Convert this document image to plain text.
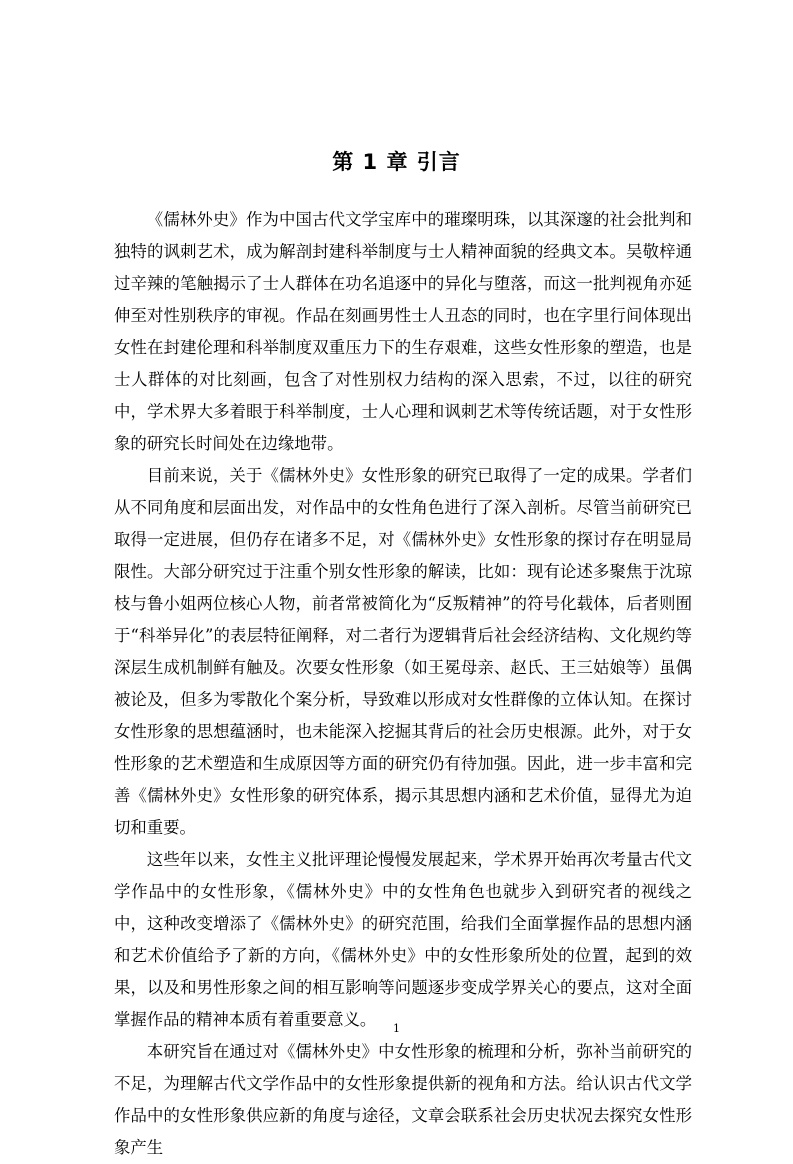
第 1 章 引言

《儒林外史》作为中国古代文学宝库中的璀璨明珠，以其深邃的社会批判和独特的讽刺艺术，成为解剖封建科举制度与士人精神面貌的经典文本。吴敬梓通过辛辣的笔触揭示了士人群体在功名追逐中的异化与堕落，而这一批判视角亦延伸至对性别秩序的审视。作品在刻画男性士人丑态的同时，也在字里行间体现出女性在封建伦理和科举制度双重压力下的生存艰难，这些女性形象的塑造，也是士人群体的对比刻画，包含了对性别权力结构的深入思索，不过，以往的研究中，学术界大多着眼于科举制度，士人心理和讽刺艺术等传统话题，对于女性形象的研究长时间处在边缘地带。

目前来说，关于《儒林外史》女性形象的研究已取得了一定的成果。学者们从不同角度和层面出发，对作品中的女性角色进行了深入剖析。尽管当前研究已取得一定进展，但仍存在诸多不足，对《儒林外史》女性形象的探讨存在明显局限性。大部分研究过于注重个别女性形象的解读，比如：现有论述多聚焦于沈琼枝与鲁小姐两位核心人物，前者常被简化为“反叛精神”的符号化载体，后者则囿于“科举异化”的表层特征阐释，对二者行为逻辑背后社会经济结构、文化规约等深层生成机制鲜有触及。次要女性形象（如王冕母亲、赵氏、王三姑娘等）虽偶被论及，但多为零散化个案分析，导致难以形成对女性群像的立体认知。在探讨女性形象的思想蕴涵时，也未能深入挖掘其背后的社会历史根源。此外，对于女性形象的艺术塑造和生成原因等方面的研究仍有待加强。因此，进一步丰富和完善《儒林外史》女性形象的研究体系，揭示其思想内涵和艺术价值，显得尤为迫切和重要。

这些年以来，女性主义批评理论慢慢发展起来，学术界开始再次考量古代文学作品中的女性形象，《儒林外史》中的女性角色也就步入到研究者的视线之中，这种改变增添了《儒林外史》的研究范围，给我们全面掌握作品的思想内涵和艺术价值给予了新的方向，《儒林外史》中的女性形象所处的位置，起到的效果，以及和男性形象之间的相互影响等问题逐步变成学界关心的要点，这对全面掌握作品的精神本质有着重要意义。

本研究旨在通过对《儒林外史》中女性形象的梳理和分析，弥补当前研究的不足，为理解古代文学作品中的女性形象提供新的视角和方法。给认识古代文学作品中的女性形象供应新的角度与途径，文章会联系社会历史状况去探究女性形象产生

1
